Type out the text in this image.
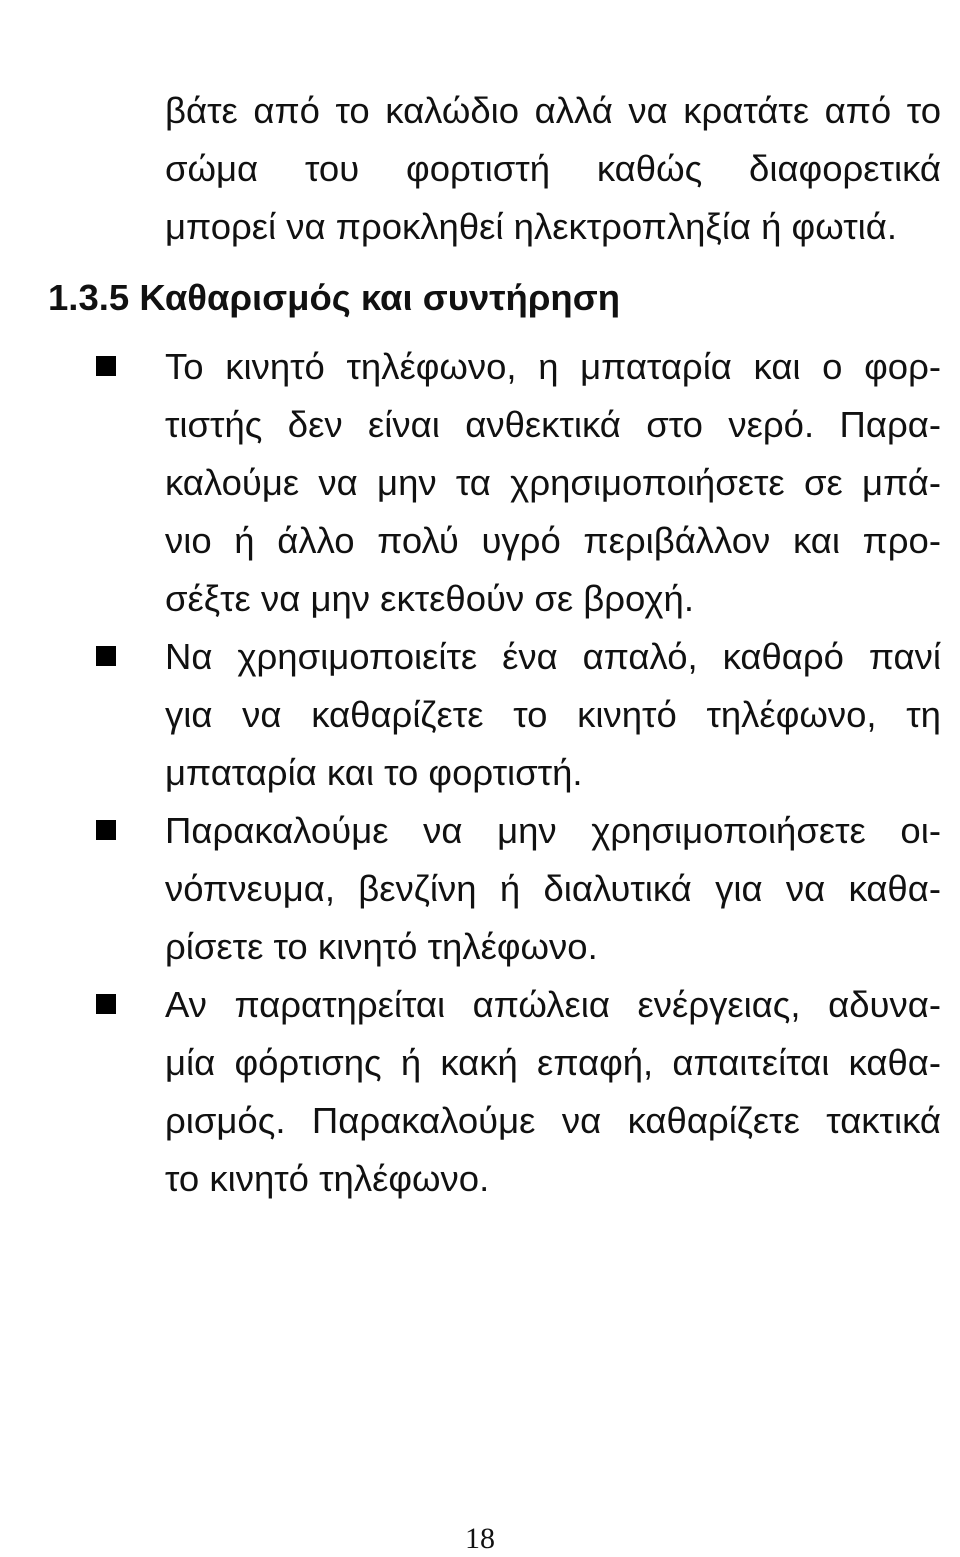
βάτε από το καλώδιο αλλά να κρατάτε από το

σώμα του φορτιστή καθώς διαφορετικά

μπορεί να προκληθεί ηλεκτροπληξία ή φωτιά.

1.3.5 Καθαρισμός και συντήρηση

Το κινητό τηλέφωνο, η μπαταρία και ο φορ-

τιστής δεν είναι ανθεκτικά στο νερό. Παρα-

καλούμε να μην τα χρησιμοποιήσετε σε μπά-

νιο ή άλλο πολύ υγρό περιβάλλον και προ-

σέξτε να μην εκτεθούν σε βροχή.

Να χρησιμοποιείτε ένα απαλό, καθαρό πανί

για να καθαρίζετε το κινητό τηλέφωνο, τη

μπαταρία και το φορτιστή.

Παρακαλούμε να μην χρησιμοποιήσετε οι-

νόπνευμα, βενζίνη ή διαλυτικά για να καθα-

ρίσετε το κινητό τηλέφωνο.

Αν παρατηρείται απώλεια ενέργειας, αδυνα-

μία φόρτισης ή κακή επαφή, απαιτείται καθα-

ρισμός. Παρακαλούμε να καθαρίζετε τακτικά

το κινητό τηλέφωνο.

18
